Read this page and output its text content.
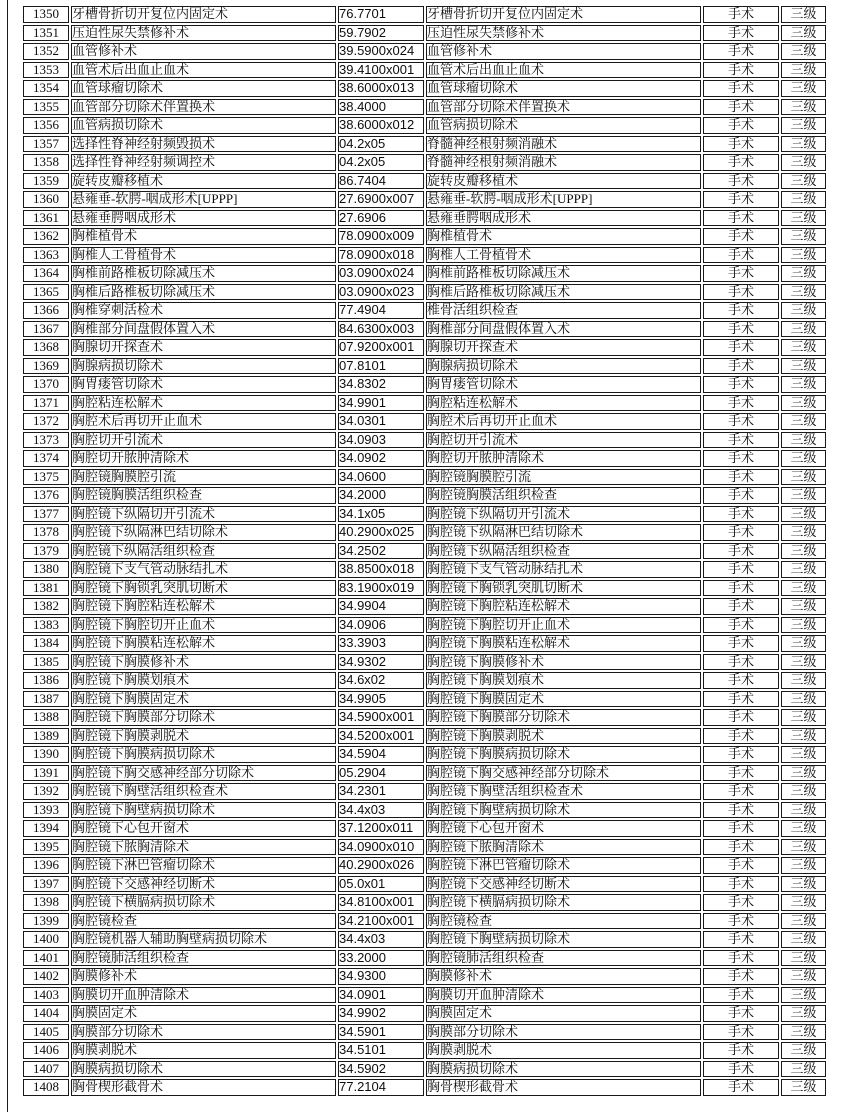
1350	牙槽骨折切开复位内固定术	76.7701	牙槽骨折切开复位内固定术	手术	三级
1351	压迫性尿失禁修补术	59.7902	压迫性尿失禁修补术	手术	三级
1352	血管修补术	39.5900x024	血管修补术	手术	三级
1353	血管术后出血止血术	39.4100x001	血管术后出血止血术	手术	三级
1354	血管球瘤切除术	38.6000x013	血管球瘤切除术	手术	三级
1355	血管部分切除术伴置换术	38.4000	血管部分切除术伴置换术	手术	三级
1356	血管病损切除术	38.6000x012	血管病损切除术	手术	三级
1357	选择性脊神经射频毁损术	04.2x05	脊髓神经根射频消融术	手术	三级
1358	选择性脊神经射频调控术	04.2x05	脊髓神经根射频消融术	手术	三级
1359	旋转皮瓣移植术	86.7404	旋转皮瓣移植术	手术	三级
1360	悬雍垂-软腭-咽成形术[UPPP]	27.6900x007	悬雍垂-软腭-咽成形术[UPPP]	手术	三级
1361	悬雍垂腭咽成形术	27.6906	悬雍垂腭咽成形术	手术	三级
1362	胸椎植骨术	78.0900x009	胸椎植骨术	手术	三级
1363	胸椎人工骨植骨术	78.0900x018	胸椎人工骨植骨术	手术	三级
1364	胸椎前路椎板切除减压术	03.0900x024	胸椎前路椎板切除减压术	手术	三级
1365	胸椎后路椎板切除减压术	03.0900x023	胸椎后路椎板切除减压术	手术	三级
1366	胸椎穿刺活检术	77.4904	椎骨活组织检查	手术	三级
1367	胸椎部分间盘假体置入术	84.6300x003	胸椎部分间盘假体置入术	手术	三级
1368	胸腺切开探查术	07.9200x001	胸腺切开探查术	手术	三级
1369	胸腺病损切除术	07.8101	胸腺病损切除术	手术	三级
1370	胸胃瘘管切除术	34.8302	胸胃瘘管切除术	手术	三级
1371	胸腔粘连松解术	34.9901	胸腔粘连松解术	手术	三级
1372	胸腔术后再切开止血术	34.0301	胸腔术后再切开止血术	手术	三级
1373	胸腔切开引流术	34.0903	胸腔切开引流术	手术	三级
1374	胸腔切开脓肿清除术	34.0902	胸腔切开脓肿清除术	手术	三级
1375	胸腔镜胸膜腔引流	34.0600	胸腔镜胸膜腔引流	手术	三级
1376	胸腔镜胸膜活组织检查	34.2000	胸腔镜胸膜活组织检查	手术	三级
1377	胸腔镜下纵隔切开引流术	34.1x05	胸腔镜下纵隔切开引流术	手术	三级
1378	胸腔镜下纵隔淋巴结切除术	40.2900x025	胸腔镜下纵隔淋巴结切除术	手术	三级
1379	胸腔镜下纵隔活组织检查	34.2502	胸腔镜下纵隔活组织检查	手术	三级
1380	胸腔镜下支气管动脉结扎术	38.8500x018	胸腔镜下支气管动脉结扎术	手术	三级
1381	胸腔镜下胸锁乳突肌切断术	83.1900x019	胸腔镜下胸锁乳突肌切断术	手术	三级
1382	胸腔镜下胸腔粘连松解术	34.9904	胸腔镜下胸腔粘连松解术	手术	三级
1383	胸腔镜下胸腔切开止血术	34.0906	胸腔镜下胸腔切开止血术	手术	三级
1384	胸腔镜下胸膜粘连松解术	33.3903	胸腔镜下胸膜粘连松解术	手术	三级
1385	胸腔镜下胸膜修补术	34.9302	胸腔镜下胸膜修补术	手术	三级
1386	胸腔镜下胸膜划痕术	34.6x02	胸腔镜下胸膜划痕术	手术	三级
1387	胸腔镜下胸膜固定术	34.9905	胸腔镜下胸膜固定术	手术	三级
1388	胸腔镜下胸膜部分切除术	34.5900x001	胸腔镜下胸膜部分切除术	手术	三级
1389	胸腔镜下胸膜剥脱术	34.5200x001	胸腔镜下胸膜剥脱术	手术	三级
1390	胸腔镜下胸膜病损切除术	34.5904	胸腔镜下胸膜病损切除术	手术	三级
1391	胸腔镜下胸交感神经部分切除术	05.2904	胸腔镜下胸交感神经部分切除术	手术	三级
1392	胸腔镜下胸壁活组织检查术	34.2301	胸腔镜下胸壁活组织检查术	手术	三级
1393	胸腔镜下胸壁病损切除术	34.4x03	胸腔镜下胸壁病损切除术	手术	三级
1394	胸腔镜下心包开窗术	37.1200x011	胸腔镜下心包开窗术	手术	三级
1395	胸腔镜下脓胸清除术	34.0900x010	胸腔镜下脓胸清除术	手术	三级
1396	胸腔镜下淋巴管瘤切除术	40.2900x026	胸腔镜下淋巴管瘤切除术	手术	三级
1397	胸腔镜下交感神经切断术	05.0x01	胸腔镜下交感神经切断术	手术	三级
1398	胸腔镜下横膈病损切除术	34.8100x001	胸腔镜下横膈病损切除术	手术	三级
1399	胸腔镜检查	34.2100x001	胸腔镜检查	手术	三级
1400	胸腔镜机器人辅助胸壁病损切除术	34.4x03	胸腔镜下胸壁病损切除术	手术	三级
1401	胸腔镜肺活组织检查	33.2000	胸腔镜肺活组织检查	手术	三级
1402	胸膜修补术	34.9300	胸膜修补术	手术	三级
1403	胸膜切开血肿清除术	34.0901	胸膜切开血肿清除术	手术	三级
1404	胸膜固定术	34.9902	胸膜固定术	手术	三级
1405	胸膜部分切除术	34.5901	胸膜部分切除术	手术	三级
1406	胸膜剥脱术	34.5101	胸膜剥脱术	手术	三级
1407	胸膜病损切除术	34.5902	胸膜病损切除术	手术	三级
1408	胸骨楔形截骨术	77.2104	胸骨楔形截骨术	手术	三级
